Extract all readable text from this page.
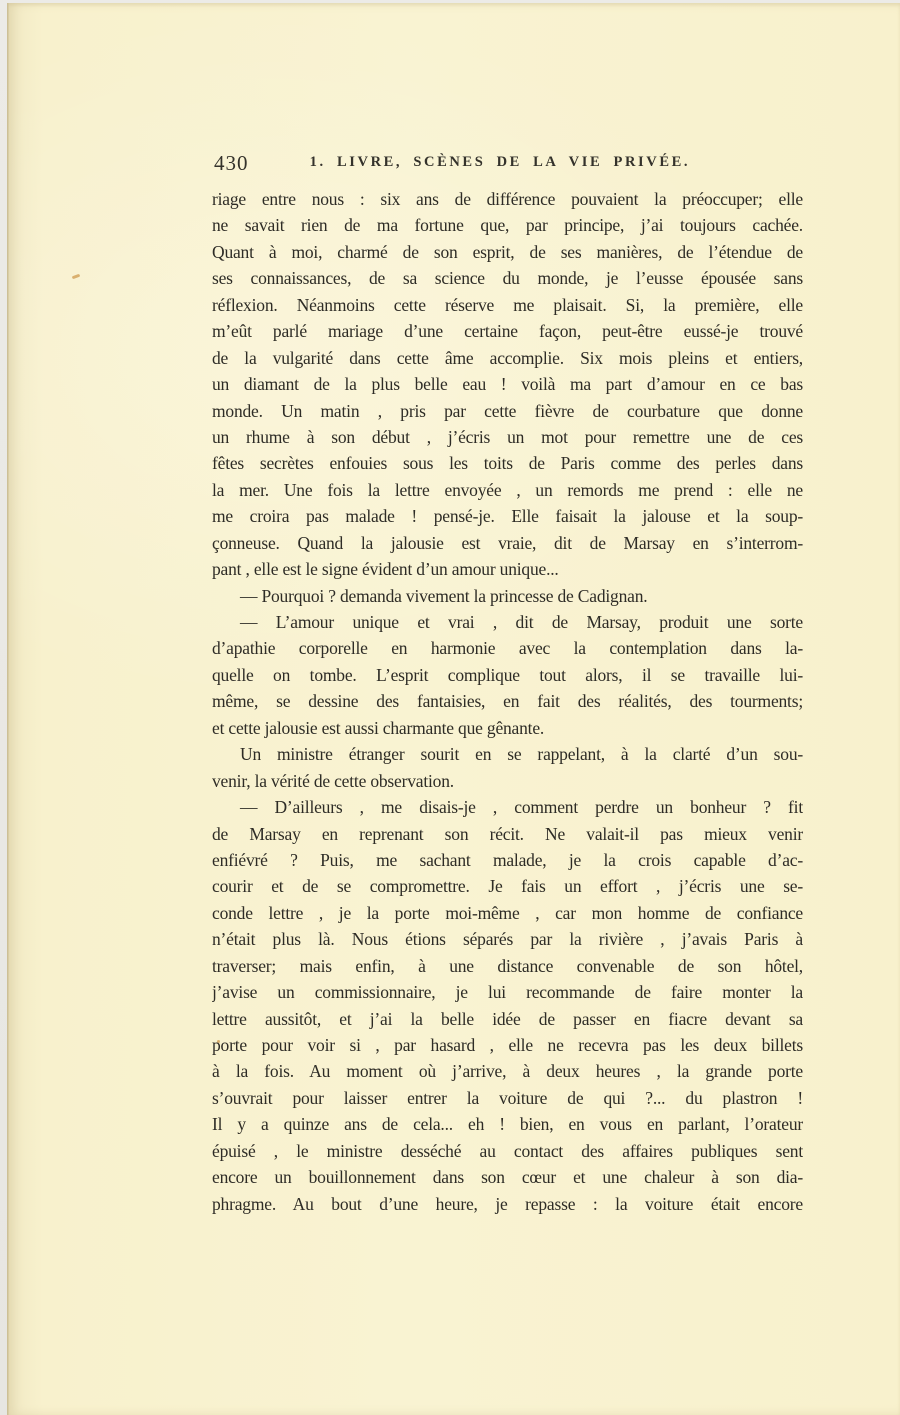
430	1. LIVRE, SCÈNES DE LA VIE PRIVÉE.
riage entre nous : six ans de différence pouvaient la préoccuper; elle
ne savait rien de ma fortune que, par principe, j’ai toujours cachée.
Quant à moi, charmé de son esprit, de ses manières, de l’étendue de
ses connaissances, de sa science du monde, je l’eusse épousée sans
réflexion. Néanmoins cette réserve me plaisait. Si, la première, elle
m’eût parlé mariage d’une certaine façon, peut-être eussé-je trouvé
de la vulgarité dans cette âme accomplie. Six mois pleins et entiers,
un diamant de la plus belle eau ! voilà ma part d’amour en ce bas
monde. Un matin , pris par cette fièvre de courbature que donne
un rhume à son début , j’écris un mot pour remettre une de ces
fêtes secrètes enfouies sous les toits de Paris comme des perles dans
la mer. Une fois la lettre envoyée , un remords me prend : elle ne
me croira pas malade ! pensé-je. Elle faisait la jalouse et la soup-
çonneuse. Quand la jalousie est vraie, dit de Marsay en s’interrom-
pant , elle est le signe évident d’un amour unique...
— Pourquoi ? demanda vivement la princesse de Cadignan.
— L’amour unique et vrai , dit de Marsay, produit une sorte
d’apathie corporelle en harmonie avec la contemplation dans la-
quelle on tombe. L’esprit complique tout alors, il se travaille lui-
même, se dessine des fantaisies, en fait des réalités, des tourments;
et cette jalousie est aussi charmante que gênante.
Un ministre étranger sourit en se rappelant, à la clarté d’un sou-
venir, la vérité de cette observation.
— D’ailleurs , me disais-je , comment perdre un bonheur ? fit
de Marsay en reprenant son récit. Ne valait-il pas mieux venir
enfiévré ? Puis, me sachant malade, je la crois capable d’ac-
courir et de se compromettre. Je fais un effort , j’écris une se-
conde lettre , je la porte moi-même , car mon homme de confiance
n’était plus là. Nous étions séparés par la rivière , j’avais Paris à
traverser; mais enfin, à une distance convenable de son hôtel,
j’avise un commissionnaire, je lui recommande de faire monter la
lettre aussitôt, et j’ai la belle idée de passer en fiacre devant sa
porte pour voir si , par hasard , elle ne recevra pas les deux billets
à la fois. Au moment où j’arrive, à deux heures , la grande porte
s’ouvrait pour laisser entrer la voiture de qui ?... du plastron !
Il y a quinze ans de cela... eh ! bien, en vous en parlant, l’orateur
épuisé , le ministre desséché au contact des affaires publiques sent
encore un bouillonnement dans son cœur et une chaleur à son dia-
phragme. Au bout d’une heure, je repasse : la voiture était encore
